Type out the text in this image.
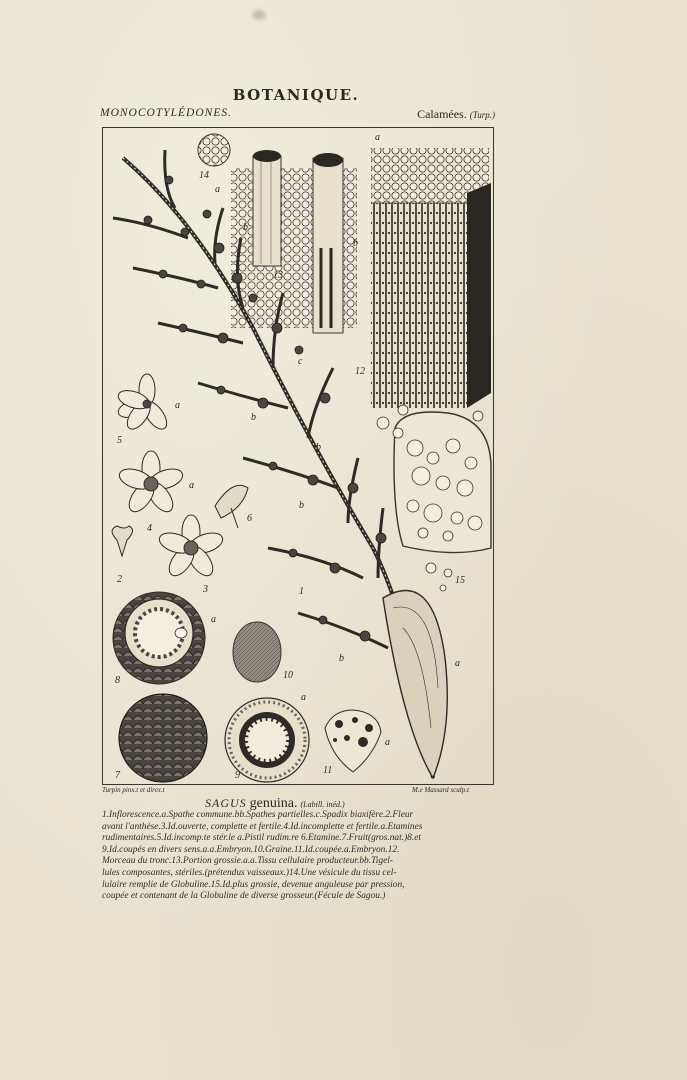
BOTANIQUE.
MONOCOTYLÉDONES.	Calamées. (Turp.)
14
13
12
15
1
5
4
6
2
3
8	10
7	9	11
a
a
b
b
c
b
b
b
b	a
a
a
a
a
a
Turpin pinx.t et direx.t	M.e Massard sculp.t
SAGUS genuina. (Labill. inéd.)
1.Inflorescence.a.Spathe commune.bb.Spathes partielles.c.Spadix biaxifère.2.Fleur
avant l'anthèse.3.Id.ouverte, complette et fertile.4.Id.incomplette et fertile.a.Etamines
rudimentaires.5.Id.incomp.te stér.le a.Pistil rudim.re 6.Etamine.7.Fruit(gros.nat.)8.et
9.Id.coupés en divers sens.a.a.Embryon.10.Graine.11.Id.coupée.a.Embryon.12.
Morceau du tronc.13.Portion grossie.a.a.Tissu cellulaire producteur.bb.Tigel-
lules composantes, stériles.(prétendus vaisseaux.)14.Une vésicule du tissu cel-
lulaire remplie de Globuline.15.Id.plus grossie, devenue anguleuse par pression,
coupée et contenant de la Globuline de diverse grosseur.(Fécule de Sagou.)
